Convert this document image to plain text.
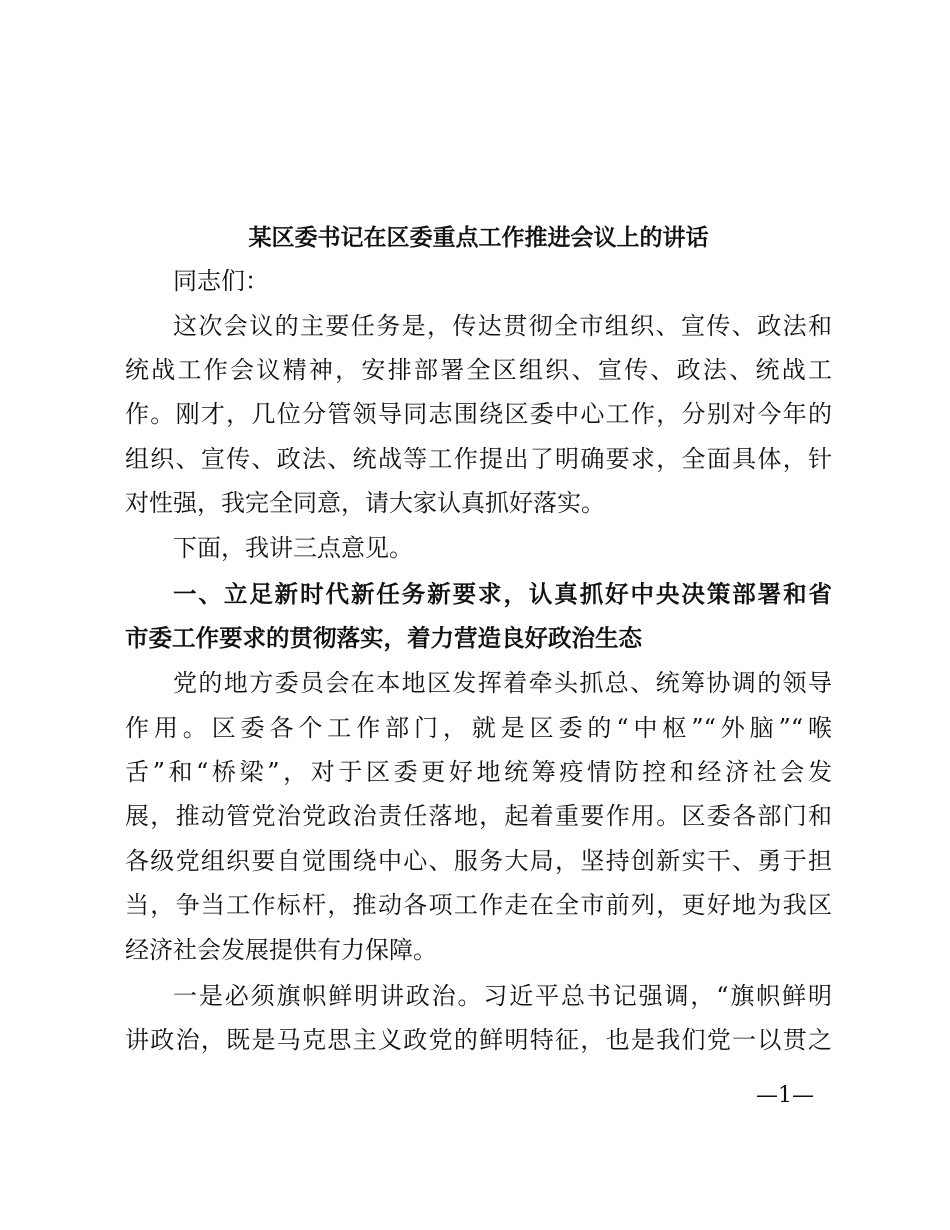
某区委书记在区委重点工作推进会议上的讲话
同志们：
这次会议的主要任务是，传达贯彻全市组织、宣传、政法和
统战工作会议精神，安排部署全区组织、宣传、政法、统战工
作。刚才，几位分管领导同志围绕区委中心工作，分别对今年的
组织、宣传、政法、统战等工作提出了明确要求，全面具体，针
对性强，我完全同意，请大家认真抓好落实。
下面，我讲三点意见。
一、立足新时代新任务新要求，认真抓好中央决策部署和省
市委工作要求的贯彻落实，着力营造良好政治生态
党的地方委员会在本地区发挥着牵头抓总、统筹协调的领导
作用。区委各个工作部门，就是区委的“中枢”“外脑”“喉
舌”和“桥梁”，对于区委更好地统筹疫情防控和经济社会发
展，推动管党治党政治责任落地，起着重要作用。区委各部门和
各级党组织要自觉围绕中心、服务大局，坚持创新实干、勇于担
当，争当工作标杆，推动各项工作走在全市前列，更好地为我区
经济社会发展提供有力保障。
一是必须旗帜鲜明讲政治。习近平总书记强调，“旗帜鲜明
讲政治，既是马克思主义政党的鲜明特征，也是我们党一以贯之
—1—
